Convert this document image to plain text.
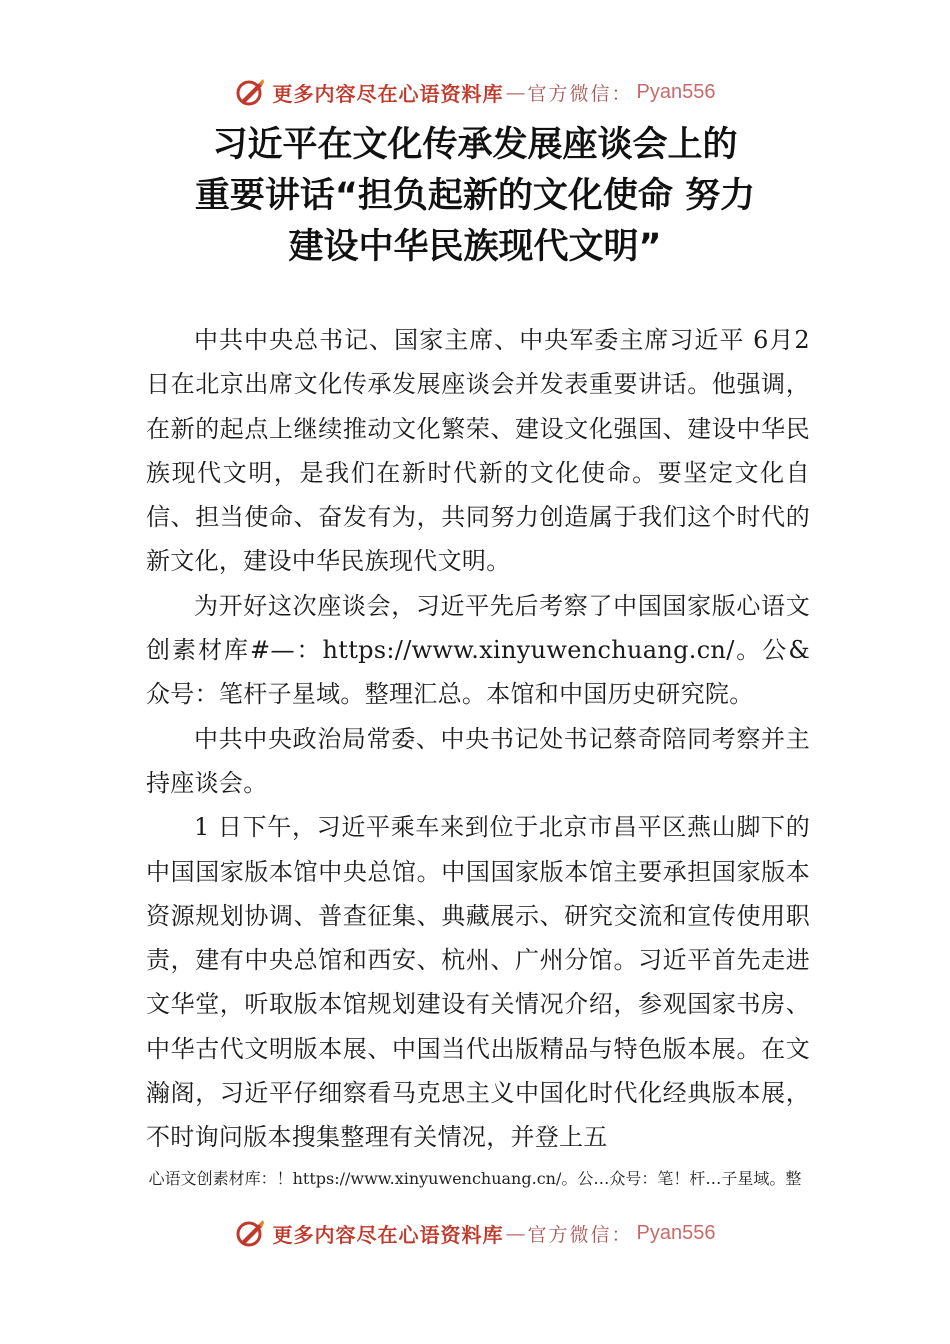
更多内容尽在心语资料库 — 官方微信： Pyan556
习近平在文化传承发展座谈会上的
重要讲话“担负起新的文化使命 努力
建设中华民族现代文明”

中共中央总书记、国家主席、中央军委主席习近平 6月2 日在北京出席文化传承发展座谈会并发表重要讲话。他强调，在新的起点上继续推动文化繁荣、建设文化强国、建设中华民族现代文明，是我们在新时代新的文化使命。要坚定文化自信、担当使命、奋发有为，共同努力创造属于我们这个时代的新文化，建设中华民族现代文明。

为开好这次座谈会，习近平先后考察了中国国家版心语文创素材库#—：https://www.xinyuwenchuang.cn/。公&众号：笔杆子星域。整理汇总。本馆和中国历史研究院。

中共中央政治局常委、中央书记处书记蔡奇陪同考察并主持座谈会。

1 日下午，习近平乘车来到位于北京市昌平区燕山脚下的中国国家版本馆中央总馆。中国国家版本馆主要承担国家版本资源规划协调、普查征集、典藏展示、研究交流和宣传使用职责，建有中央总馆和西安、杭州、广州分馆。习近平首先走进文华堂，听取版本馆规划建设有关情况介绍，参观国家书房、中华古代文明版本展、中国当代出版精品与特色版本展。在文瀚阁，习近平仔细察看马克思主义中国化时代化经典版本展，不时询问版本搜集整理有关情况，并登上五

心语文创素材库：！https://www.xinyuwenchuang.cn/。公…众号：笔！杆…子星域。整
更多内容尽在心语资料库 — 官方微信： Pyan556
